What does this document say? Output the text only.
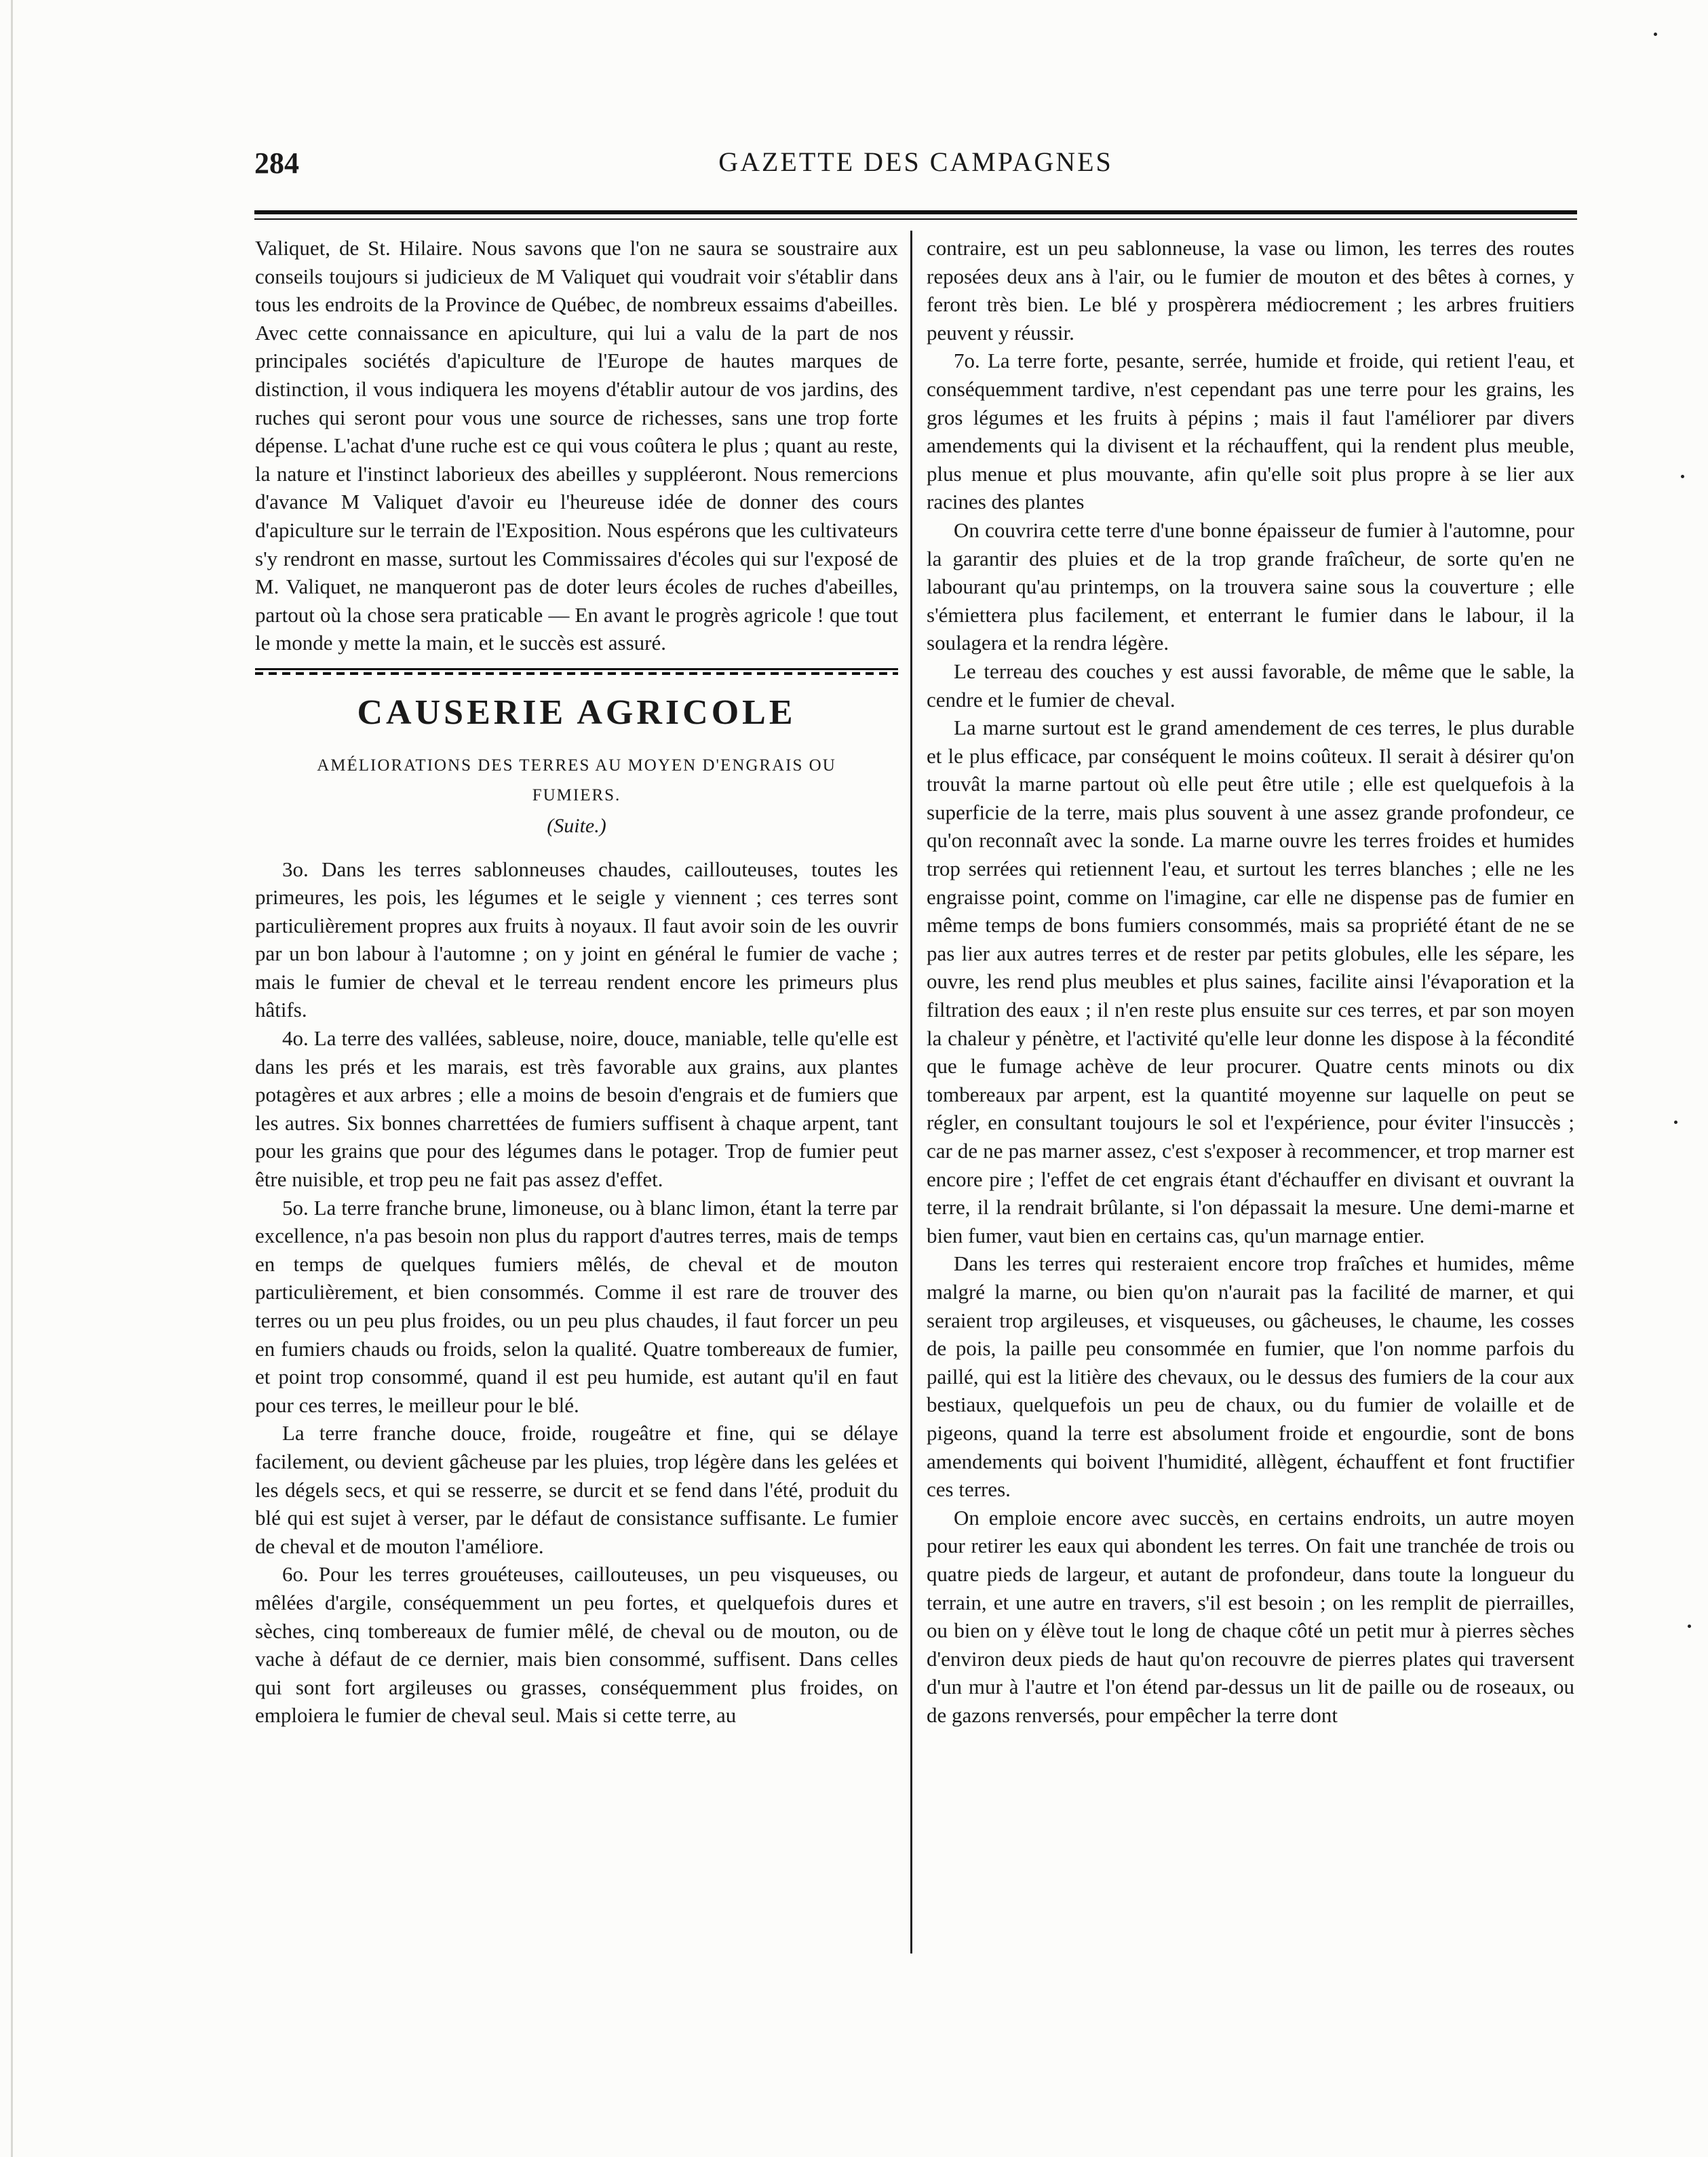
284	GAZETTE DES CAMPAGNES

Valiquet, de St. Hilaire. Nous savons que l'on ne saura se soustraire aux conseils toujours si judicieux de M Valiquet qui voudrait voir s'établir dans tous les endroits de la Province de Québec, de nombreux essaims d'abeilles. Avec cette connaissance en apiculture, qui lui a valu de la part de nos principales sociétés d'apiculture de l'Europe de hautes marques de distinction, il vous indiquera les moyens d'établir autour de vos jardins, des ruches qui seront pour vous une source de richesses, sans une trop forte dépense. L'achat d'une ruche est ce qui vous coûtera le plus ; quant au reste, la nature et l'instinct laborieux des abeilles y suppléeront. Nous remercions d'avance M Valiquet d'avoir eu l'heureuse idée de donner des cours d'apiculture sur le terrain de l'Exposition. Nous espérons que les cultivateurs s'y rendront en masse, surtout les Commissaires d'écoles qui sur l'exposé de M. Valiquet, ne manqueront pas de doter leurs écoles de ruches d'abeilles, partout où la chose sera praticable — En avant le progrès agricole ! que tout le monde y mette la main, et le succès est assuré.

CAUSERIE AGRICOLE
AMÉLIORATIONS DES TERRES AU MOYEN D'ENGRAIS OU FUMIERS.
(Suite.)

3o. Dans les terres sablonneuses chaudes, caillouteuses, toutes les primeures, les pois, les légumes et le seigle y viennent ; ces terres sont particulièrement propres aux fruits à noyaux. Il faut avoir soin de les ouvrir par un bon labour à l'automne ; on y joint en général le fumier de vache ; mais le fumier de cheval et le terreau rendent encore les primeurs plus hâtifs.

4o. La terre des vallées, sableuse, noire, douce, maniable, telle qu'elle est dans les prés et les marais, est très favorable aux grains, aux plantes potagères et aux arbres ; elle a moins de besoin d'engrais et de fumiers que les autres. Six bonnes charrettées de fumiers suffisent à chaque arpent, tant pour les grains que pour des légumes dans le potager. Trop de fumier peut être nuisible, et trop peu ne fait pas assez d'effet.

5o. La terre franche brune, limoneuse, ou à blanc limon, étant la terre par excellence, n'a pas besoin non plus du rapport d'autres terres, mais de temps en temps de quelques fumiers mêlés, de cheval et de mouton particulièrement, et bien consommés. Comme il est rare de trouver des terres ou un peu plus froides, ou un peu plus chaudes, il faut forcer un peu en fumiers chauds ou froids, selon la qualité. Quatre tombereaux de fumier, et point trop consommé, quand il est peu humide, est autant qu'il en faut pour ces terres, le meilleur pour le blé.

La terre franche douce, froide, rougeâtre et fine, qui se délaye facilement, ou devient gâcheuse par les pluies, trop légère dans les gelées et les dégels secs, et qui se resserre, se durcit et se fend dans l'été, produit du blé qui est sujet à verser, par le défaut de consistance suffisante. Le fumier de cheval et de mouton l'améliore.

6o. Pour les terres grouéteuses, caillouteuses, un peu visqueuses, ou mêlées d'argile, conséquemment un peu fortes, et quelquefois dures et sèches, cinq tombereaux de fumier mêlé, de cheval ou de mouton, ou de vache à défaut de ce dernier, mais bien consommé, suffisent. Dans celles qui sont fort argileuses ou grasses, conséquemment plus froides, on emploiera le fumier de cheval seul. Mais si cette terre, au

contraire, est un peu sablonneuse, la vase ou limon, les terres des routes reposées deux ans à l'air, ou le fumier de mouton et des bêtes à cornes, y feront très bien. Le blé y prospèrera médiocrement ; les arbres fruitiers peuvent y réussir.

7o. La terre forte, pesante, serrée, humide et froide, qui retient l'eau, et conséquemment tardive, n'est cependant pas une terre pour les grains, les gros légumes et les fruits à pépins ; mais il faut l'améliorer par divers amendements qui la divisent et la réchauffent, qui la rendent plus meuble, plus menue et plus mouvante, afin qu'elle soit plus propre à se lier aux racines des plantes

On couvrira cette terre d'une bonne épaisseur de fumier à l'automne, pour la garantir des pluies et de la trop grande fraîcheur, de sorte qu'en ne labourant qu'au printemps, on la trouvera saine sous la couverture ; elle s'émiettera plus facilement, et enterrant le fumier dans le labour, il la soulagera et la rendra légère.

Le terreau des couches y est aussi favorable, de même que le sable, la cendre et le fumier de cheval.

La marne surtout est le grand amendement de ces terres, le plus durable et le plus efficace, par conséquent le moins coûteux. Il serait à désirer qu'on trouvât la marne partout où elle peut être utile ; elle est quelquefois à la superficie de la terre, mais plus souvent à une assez grande profondeur, ce qu'on reconnaît avec la sonde. La marne ouvre les terres froides et humides trop serrées qui retiennent l'eau, et surtout les terres blanches ; elle ne les engraisse point, comme on l'imagine, car elle ne dispense pas de fumier en même temps de bons fumiers consommés, mais sa propriété étant de ne se pas lier aux autres terres et de rester par petits globules, elle les sépare, les ouvre, les rend plus meubles et plus saines, facilite ainsi l'évaporation et la filtration des eaux ; il n'en reste plus ensuite sur ces terres, et par son moyen la chaleur y pénètre, et l'activité qu'elle leur donne les dispose à la fécondité que le fumage achève de leur procurer. Quatre cents minots ou dix tombereaux par arpent, est la quantité moyenne sur laquelle on peut se régler, en consultant toujours le sol et l'expérience, pour éviter l'insuccès ; car de ne pas marner assez, c'est s'exposer à recommencer, et trop marner est encore pire ; l'effet de cet engrais étant d'échauffer en divisant et ouvrant la terre, il la rendrait brûlante, si l'on dépassait la mesure. Une demi-marne et bien fumer, vaut bien en certains cas, qu'un marnage entier.

Dans les terres qui resteraient encore trop fraîches et humides, même malgré la marne, ou bien qu'on n'aurait pas la facilité de marner, et qui seraient trop argileuses, et visqueuses, ou gâcheuses, le chaume, les cosses de pois, la paille peu consommée en fumier, que l'on nomme parfois du paillé, qui est la litière des chevaux, ou le dessus des fumiers de la cour aux bestiaux, quelquefois un peu de chaux, ou du fumier de volaille et de pigeons, quand la terre est absolument froide et engourdie, sont de bons amendements qui boivent l'humidité, allègent, échauffent et font fructifier ces terres.

On emploie encore avec succès, en certains endroits, un autre moyen pour retirer les eaux qui abondent les terres. On fait une tranchée de trois ou quatre pieds de largeur, et autant de profondeur, dans toute la longueur du terrain, et une autre en travers, s'il est besoin ; on les remplit de pierrailles, ou bien on y élève tout le long de chaque côté un petit mur à pierres sèches d'environ deux pieds de haut qu'on recouvre de pierres plates qui traversent d'un mur à l'autre et l'on étend par-dessus un lit de paille ou de roseaux, ou de gazons renversés, pour empêcher la terre dont
